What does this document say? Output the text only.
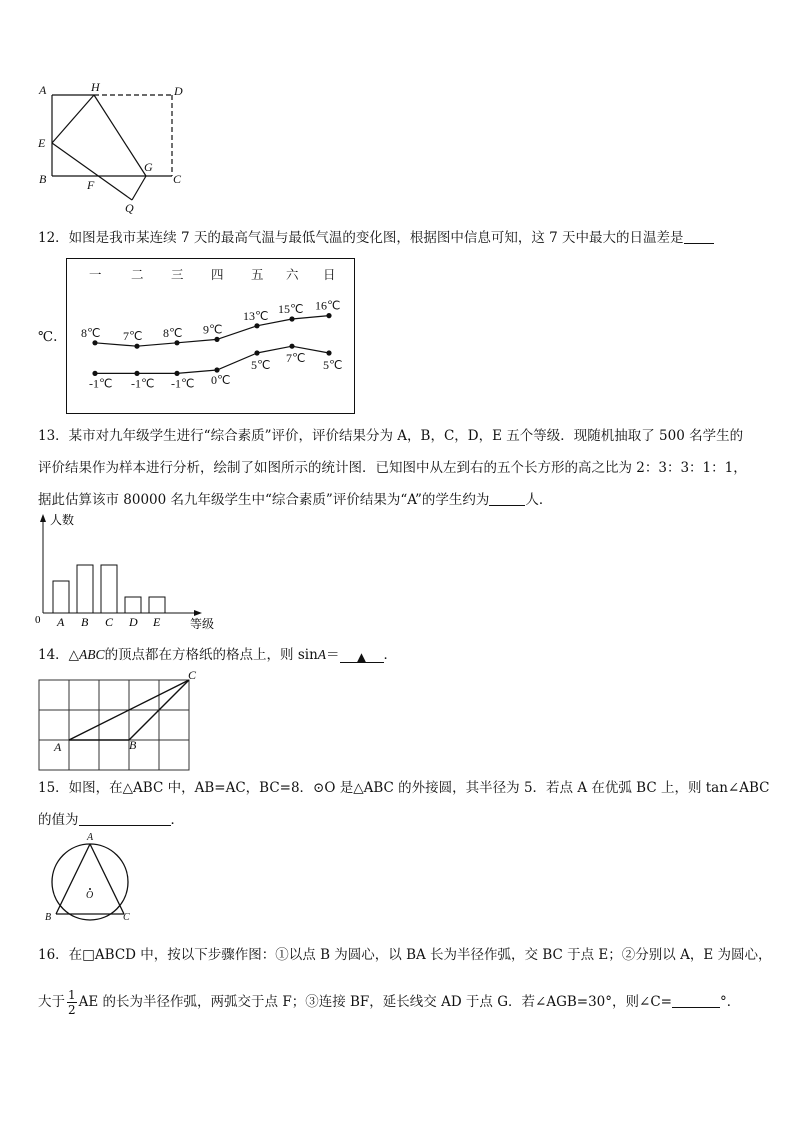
A	H	D
E
B	F
G
C
Q
12．如图是我市某连续 7 天的最高气温与最低气温的变化图，根据图中信息可知，这 7 天中最大的日温差是
一 二 三 四 五 六 日
8℃ 7℃ 8℃ 9℃
13℃ 15℃ 16℃
-1℃ -1℃ -1℃ 0℃
5℃ 7℃ 5℃
℃.
13．某市对九年级学生进行“综合素质”评价，评价结果分为 A，B，C，D，E 五个等级．现随机抽取了 500 名学生的
评价结果作为样本进行分析，绘制了如图所示的统计图．已知图中从左到右的五个长方形的高之比为 2：3：3：1：1，
据此估算该市 80000 名九年级学生中“综合素质”评价结果为“A”的学生约为	人．
人数
等级
0 A B C D E
14．△ABC的顶点都在方格纸的格点上，则 sinA＝ ▲ ．
A	B
C
15．如图，在△ABC 中，AB=AC，BC=8．⊙O 是△ABC 的外接圆，其半径为 5．若点 A 在优弧 BC 上，则 tan∠ABC
的值为	．
A
O
B	C
16．在□ABCD 中，按以下步骤作图：①以点 B 为圆心，以 BA 长为半径作弧，交 BC 于点 E；②分别以 A，E 为圆心，
大于 $\frac{1}{2}$ AE 的长为半径作弧，两弧交于点 F；③连接 BF，延长线交 AD 于点 G．若∠AGB=30°，则∠C=	°．
